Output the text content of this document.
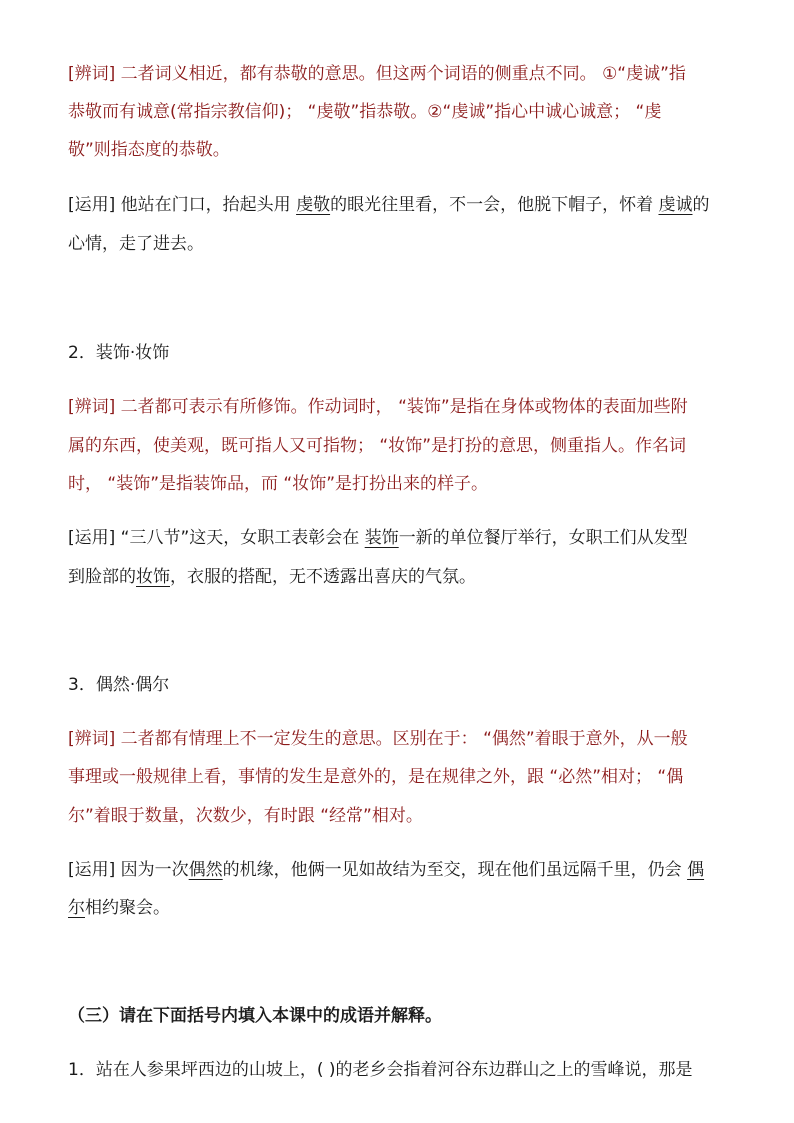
[辨词] 二者词义相近，都有恭敬的意思。但这两个词语的侧重点不同。 ①“虔诚”指

恭敬而有诚意(常指宗教信仰)； “虔敬”指恭敬。②“虔诚”指心中诚心诚意； “虔

敬”则指态度的恭敬。

[运用] 他站在门口，抬起头用 虔敬的眼光往里看，不一会，他脱下帽子，怀着 虔诚的

心情，走了进去。

2．装饰·妆饰

[辨词] 二者都可表示有所修饰。作动词时， “装饰”是指在身体或物体的表面加些附

属的东西，使美观，既可指人又可指物； “妆饰”是打扮的意思，侧重指人。作名词

时， “装饰”是指装饰品，而 “妆饰”是打扮出来的样子。

[运用] “三八节”这天，女职工表彰会在 装饰一新的单位餐厅举行，女职工们从发型

到脸部的妆饰，衣服的搭配，无不透露出喜庆的气氛。

3．偶然·偶尔

[辨词] 二者都有情理上不一定发生的意思。区别在于： “偶然”着眼于意外，从一般

事理或一般规律上看，事情的发生是意外的，是在规律之外，跟 “必然”相对； “偶

尔”着眼于数量，次数少，有时跟 “经常”相对。

[运用] 因为一次偶然的机缘，他俩一见如故结为至交，现在他们虽远隔千里，仍会 偶

尔相约聚会。

（三）请在下面括号内填入本课中的成语并解释。

1．站在人参果坪西边的山坡上，( )的老乡会指着河谷东边群山之上的雪峰说，那是
